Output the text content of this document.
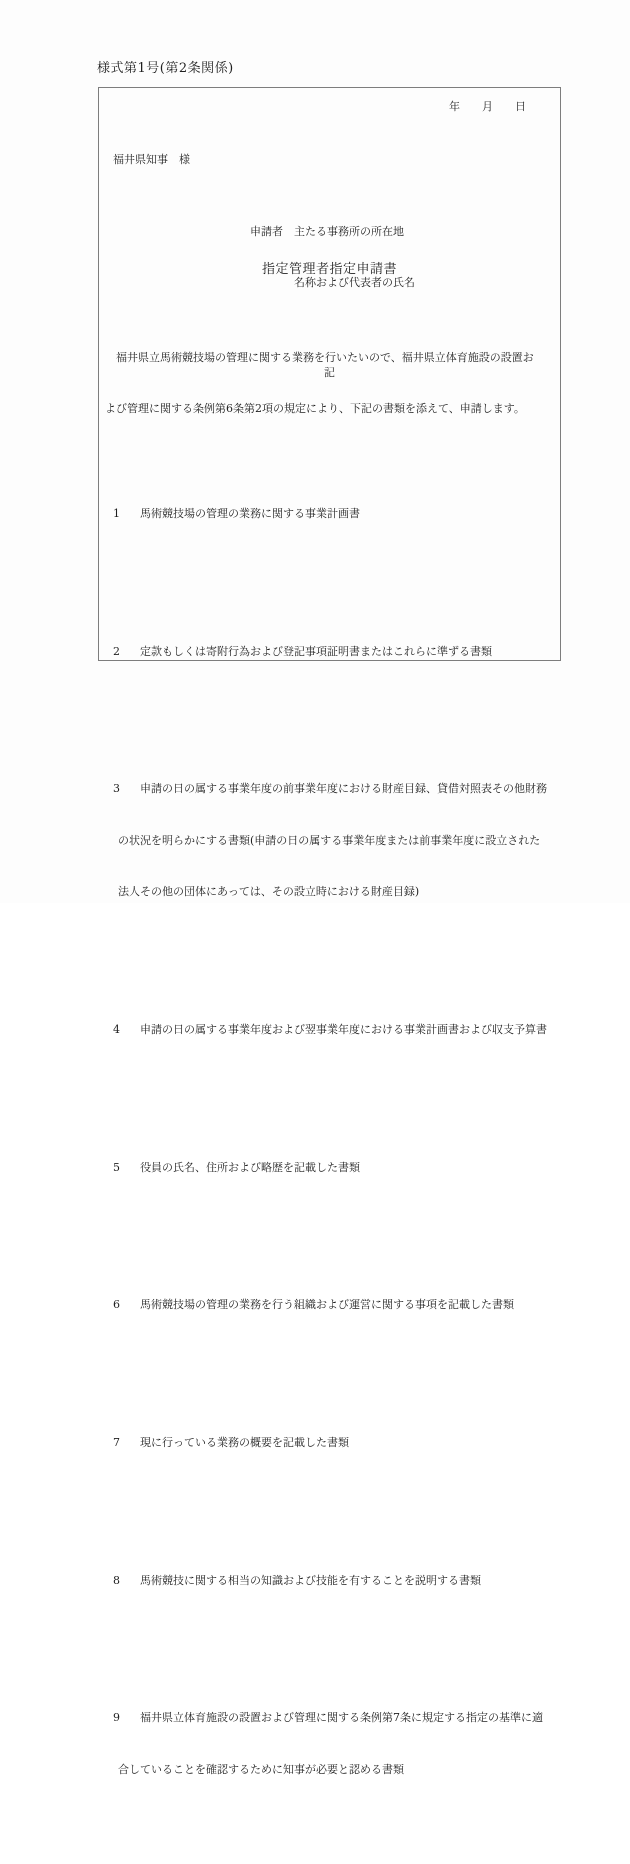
様式第1号(第2条関係)
年　　月　　日
福井県知事　様

申請者　主たる事務所の所在地

名称および代表者の氏名

指定管理者指定申請書

　福井県立馬術競技場の管理に関する業務を行いたいので、福井県立体育施設の設置お

よび管理に関する条例第6条第2項の規定により、下記の書類を添えて、申請します。

記

1 馬術競技場の管理の業務に関する事業計画書

2 定款もしくは寄附行為および登記事項証明書またはこれらに準ずる書類

3 申請の日の属する事業年度の前事業年度における財産目録、貸借対照表その他財務

の状況を明らかにする書類(申請の日の属する事業年度または前事業年度に設立された

法人その他の団体にあっては、その設立時における財産目録)

4 申請の日の属する事業年度および翌事業年度における事業計画書および収支予算書

5 役員の氏名、住所および略歴を記載した書類

6 馬術競技場の管理の業務を行う組織および運営に関する事項を記載した書類

7 現に行っている業務の概要を記載した書類

8 馬術競技に関する相当の知識および技能を有することを説明する書類

9 福井県立体育施設の設置および管理に関する条例第7条に規定する指定の基準に適

合していることを確認するために知事が必要と認める書類
